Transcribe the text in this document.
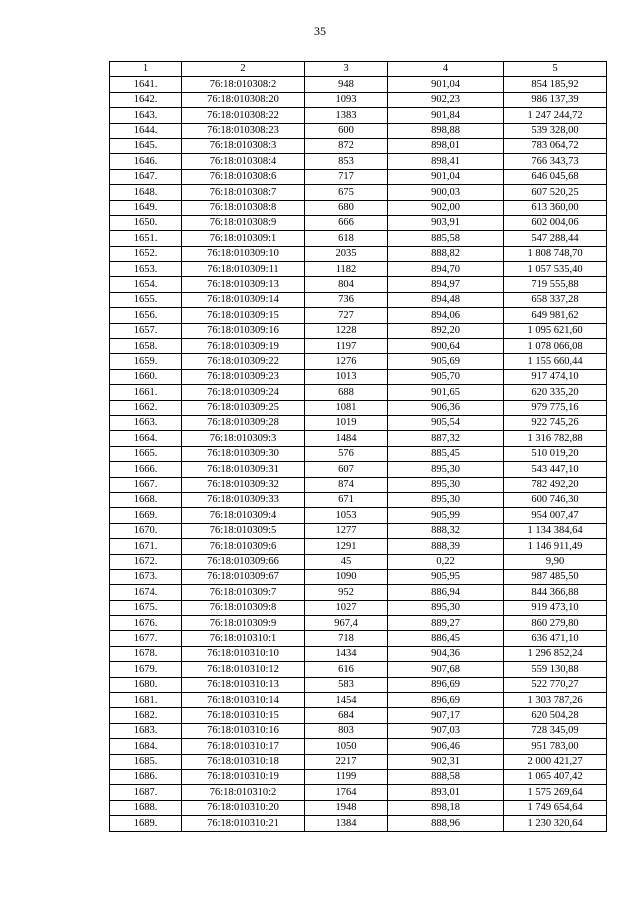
35
1	2	3	4	5
1641.	76:18:010308:2	948	901,04	854 185,92
1642.	76:18:010308:20	1093	902,23	986 137,39
1643.	76:18:010308:22	1383	901,84	1 247 244,72
1644.	76:18:010308:23	600	898,88	539 328,00
1645.	76:18:010308:3	872	898,01	783 064,72
1646.	76:18:010308:4	853	898,41	766 343,73
1647.	76:18:010308:6	717	901,04	646 045,68
1648.	76:18:010308:7	675	900,03	607 520,25
1649.	76:18:010308:8	680	902,00	613 360,00
1650.	76:18:010308:9	666	903,91	602 004,06
1651.	76:18:010309:1	618	885,58	547 288,44
1652.	76:18:010309:10	2035	888,82	1 808 748,70
1653.	76:18:010309:11	1182	894,70	1 057 535,40
1654.	76:18:010309:13	804	894,97	719 555,88
1655.	76:18:010309:14	736	894,48	658 337,28
1656.	76:18:010309:15	727	894,06	649 981,62
1657.	76:18:010309:16	1228	892,20	1 095 621,60
1658.	76:18:010309:19	1197	900,64	1 078 066,08
1659.	76:18:010309:22	1276	905,69	1 155 660,44
1660.	76:18:010309:23	1013	905,70	917 474,10
1661.	76:18:010309:24	688	901,65	620 335,20
1662.	76:18:010309:25	1081	906,36	979 775,16
1663.	76:18:010309:28	1019	905,54	922 745,26
1664.	76:18:010309:3	1484	887,32	1 316 782,88
1665.	76:18:010309:30	576	885,45	510 019,20
1666.	76:18:010309:31	607	895,30	543 447,10
1667.	76:18:010309:32	874	895,30	782 492,20
1668.	76:18:010309:33	671	895,30	600 746,30
1669.	76:18:010309:4	1053	905,99	954 007,47
1670.	76:18:010309:5	1277	888,32	1 134 384,64
1671.	76:18:010309:6	1291	888,39	1 146 911,49
1672.	76:18:010309:66	45	0,22	9,90
1673.	76:18:010309:67	1090	905,95	987 485,50
1674.	76:18:010309:7	952	886,94	844 366,88
1675.	76:18:010309:8	1027	895,30	919 473,10
1676.	76:18:010309:9	967,4	889,27	860 279,80
1677.	76:18:010310:1	718	886,45	636 471,10
1678.	76:18:010310:10	1434	904,36	1 296 852,24
1679.	76:18:010310:12	616	907,68	559 130,88
1680.	76:18:010310:13	583	896,69	522 770,27
1681.	76:18:010310:14	1454	896,69	1 303 787,26
1682.	76:18:010310:15	684	907,17	620 504,28
1683.	76:18:010310:16	803	907,03	728 345,09
1684.	76:18:010310:17	1050	906,46	951 783,00
1685.	76:18:010310:18	2217	902,31	2 000 421,27
1686.	76:18:010310:19	1199	888,58	1 065 407,42
1687.	76:18:010310:2	1764	893,01	1 575 269,64
1688.	76:18:010310:20	1948	898,18	1 749 654,64
1689.	76:18:010310:21	1384	888,96	1 230 320,64
